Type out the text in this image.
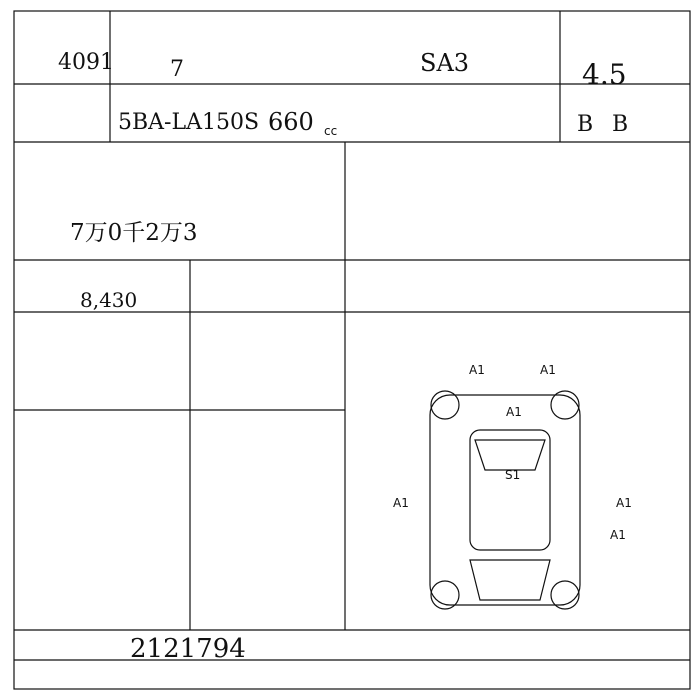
4091	7	SA3	4.5
5BA-LA150S 660 cc	B B
7万0千2万3
8,430
2121794
A1	A1
A1
A1
S1
A1
A1
